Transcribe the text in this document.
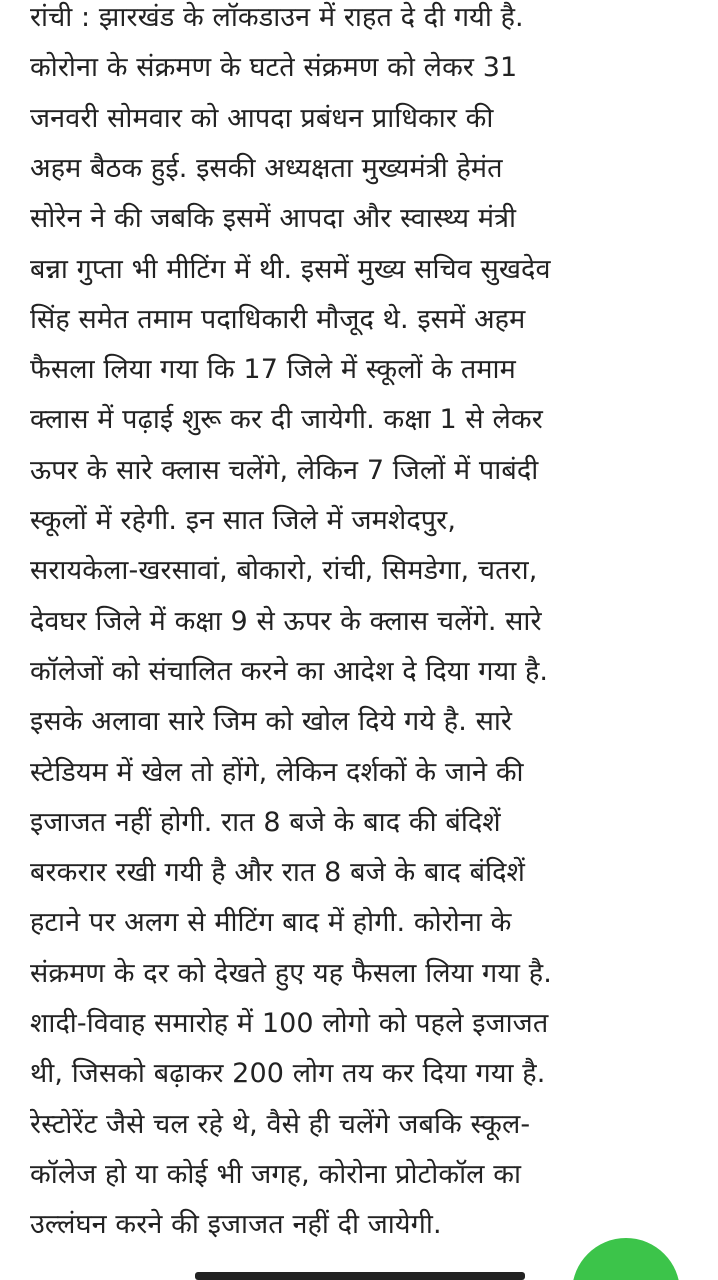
रांची : झारखंड के लॉकडाउन में राहत दे दी गयी है.
कोरोना के संक्रमण के घटते संक्रमण को लेकर 31
जनवरी सोमवार को आपदा प्रबंधन प्राधिकार की
अहम बैठक हुई. इसकी अध्यक्षता मुख्यमंत्री हेमंत
सोरेन ने की जबकि इसमें आपदा और स्वास्थ्य मंत्री
बन्ना गुप्ता भी मीटिंग में थी. इसमें मुख्य सचिव सुखदेव
सिंह समेत तमाम पदाधिकारी मौजूद थे. इसमें अहम
फैसला लिया गया कि 17 जिले में स्कूलों के तमाम
क्लास में पढ़ाई शुरू कर दी जायेगी. कक्षा 1 से लेकर
ऊपर के सारे क्लास चलेंगे, लेकिन 7 जिलों में पाबंदी
स्कूलों में रहेगी. इन सात जिले में जमशेदपुर,
सरायकेला-खरसावां, बोकारो, रांची, सिमडेगा, चतरा,
देवघर जिले में कक्षा 9 से ऊपर के क्लास चलेंगे. सारे
कॉलेजों को संचालित करने का आदेश दे दिया गया है.
इसके अलावा सारे जिम को खोल दिये गये है. सारे
स्टेडियम में खेल तो होंगे, लेकिन दर्शकों के जाने की
इजाजत नहीं होगी. रात 8 बजे के बाद की बंदिशें
बरकरार रखी गयी है और रात 8 बजे के बाद बंदिशें
हटाने पर अलग से मीटिंग बाद में होगी. कोरोना के
संक्रमण के दर को देखते हुए यह फैसला लिया गया है.
शादी-विवाह समारोह में 100 लोगो को पहले इजाजत
थी, जिसको बढ़ाकर 200 लोग तय कर दिया गया है.
रेस्टोरेंट जैसे चल रहे थे, वैसे ही चलेंगे जबकि स्कूल-
कॉलेज हो या कोई भी जगह, कोरोना प्रोटोकॉल का
उल्लंघन करने की इजाजत नहीं दी जायेगी.
